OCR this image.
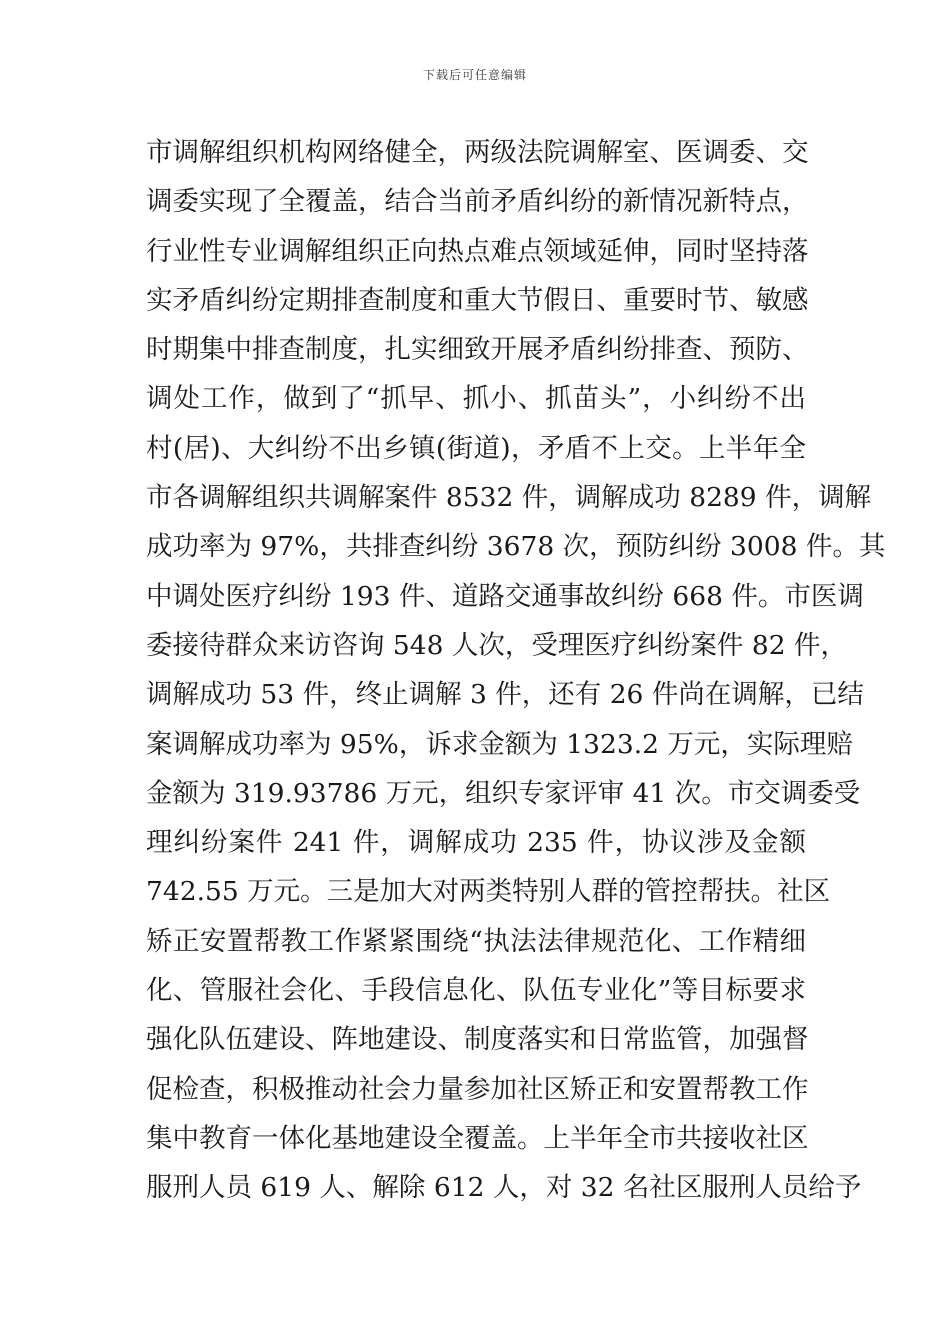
下载后可任意编辑
市调解组织机构网络健全，两级法院调解室、医调委、交
调委实现了全覆盖，结合当前矛盾纠纷的新情况新特点，
行业性专业调解组织正向热点难点领域延伸，同时坚持落
实矛盾纠纷定期排查制度和重大节假日、重要时节、敏感
时期集中排查制度，扎实细致开展矛盾纠纷排查、预防、
调处工作，做到了“抓早、抓小、抓苗头”，小纠纷不出
村(居)、大纠纷不出乡镇(街道)，矛盾不上交。上半年全
市各调解组织共调解案件 8532 件，调解成功 8289 件，调解
成功率为 97%，共排查纠纷 3678 次，预防纠纷 3008 件。其
中调处医疗纠纷 193 件、道路交通事故纠纷 668 件。市医调
委接待群众来访咨询 548 人次，受理医疗纠纷案件 82 件，
调解成功 53 件，终止调解 3 件，还有 26 件尚在调解，已结
案调解成功率为 95%，诉求金额为 1323.2 万元，实际理赔
金额为 319.93786 万元，组织专家评审 41 次。市交调委受
理纠纷案件 241 件，调解成功 235 件，协议涉及金额
742.55 万元。三是加大对两类特别人群的管控帮扶。社区
矫正安置帮教工作紧紧围绕“执法法律规范化、工作精细
化、管服社会化、手段信息化、队伍专业化”等目标要求
强化队伍建设、阵地建设、制度落实和日常监管，加强督
促检查，积极推动社会力量参加社区矫正和安置帮教工作
集中教育一体化基地建设全覆盖。上半年全市共接收社区
服刑人员 619 人、解除 612 人，对 32 名社区服刑人员给予
